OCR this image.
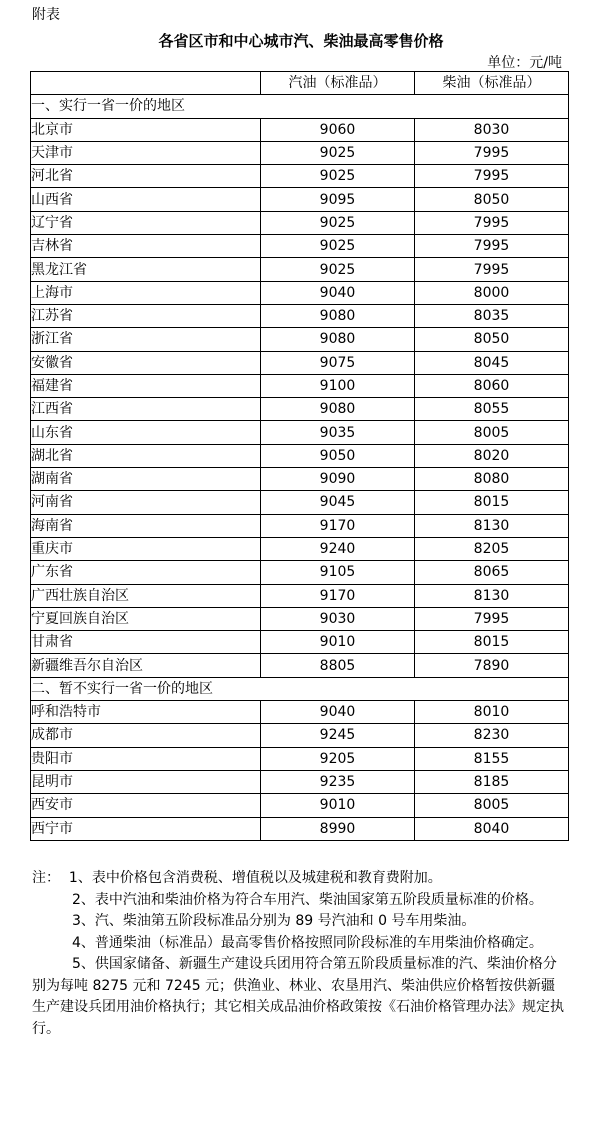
附表
各省区市和中心城市汽、柴油最高零售价格
单位：元/吨
	汽油（标准品）	柴油（标准品）
一、实行一省一价的地区		
北京市	9060	8030
天津市	9025	7995
河北省	9025	7995
山西省	9095	8050
辽宁省	9025	7995
吉林省	9025	7995
黑龙江省	9025	7995
上海市	9040	8000
江苏省	9080	8035
浙江省	9080	8050
安徽省	9075	8045
福建省	9100	8060
江西省	9080	8055
山东省	9035	8005
湖北省	9050	8020
湖南省	9090	8080
河南省	9045	8015
海南省	9170	8130
重庆市	9240	8205
广东省	9105	8065
广西壮族自治区	9170	8130
宁夏回族自治区	9030	7995
甘肃省	9010	8015
新疆维吾尔自治区	8805	7890
二、暂不实行一省一价的地区		
呼和浩特市	9040	8010
成都市	9245	8230
贵阳市	9205	8155
昆明市	9235	8185
西安市	9010	8005
西宁市	8990	8040

注： 1、表中价格包含消费税、增值税以及城建税和教育费附加。

2、表中汽油和柴油价格为符合车用汽、柴油国家第五阶段质量标准的价格。

3、汽、柴油第五阶段标准品分别为 89 号汽油和 0 号车用柴油。

4、普通柴油（标准品）最高零售价格按照同阶段标准的车用柴油价格确定。

5、供国家储备、新疆生产建设兵团用符合第五阶段质量标准的汽、柴油价格分别为每吨 8275 元和 7245 元；供渔业、林业、农垦用汽、柴油供应价格暂按供新疆生产建设兵团用油价格执行；其它相关成品油价格政策按《石油价格管理办法》规定执行。
